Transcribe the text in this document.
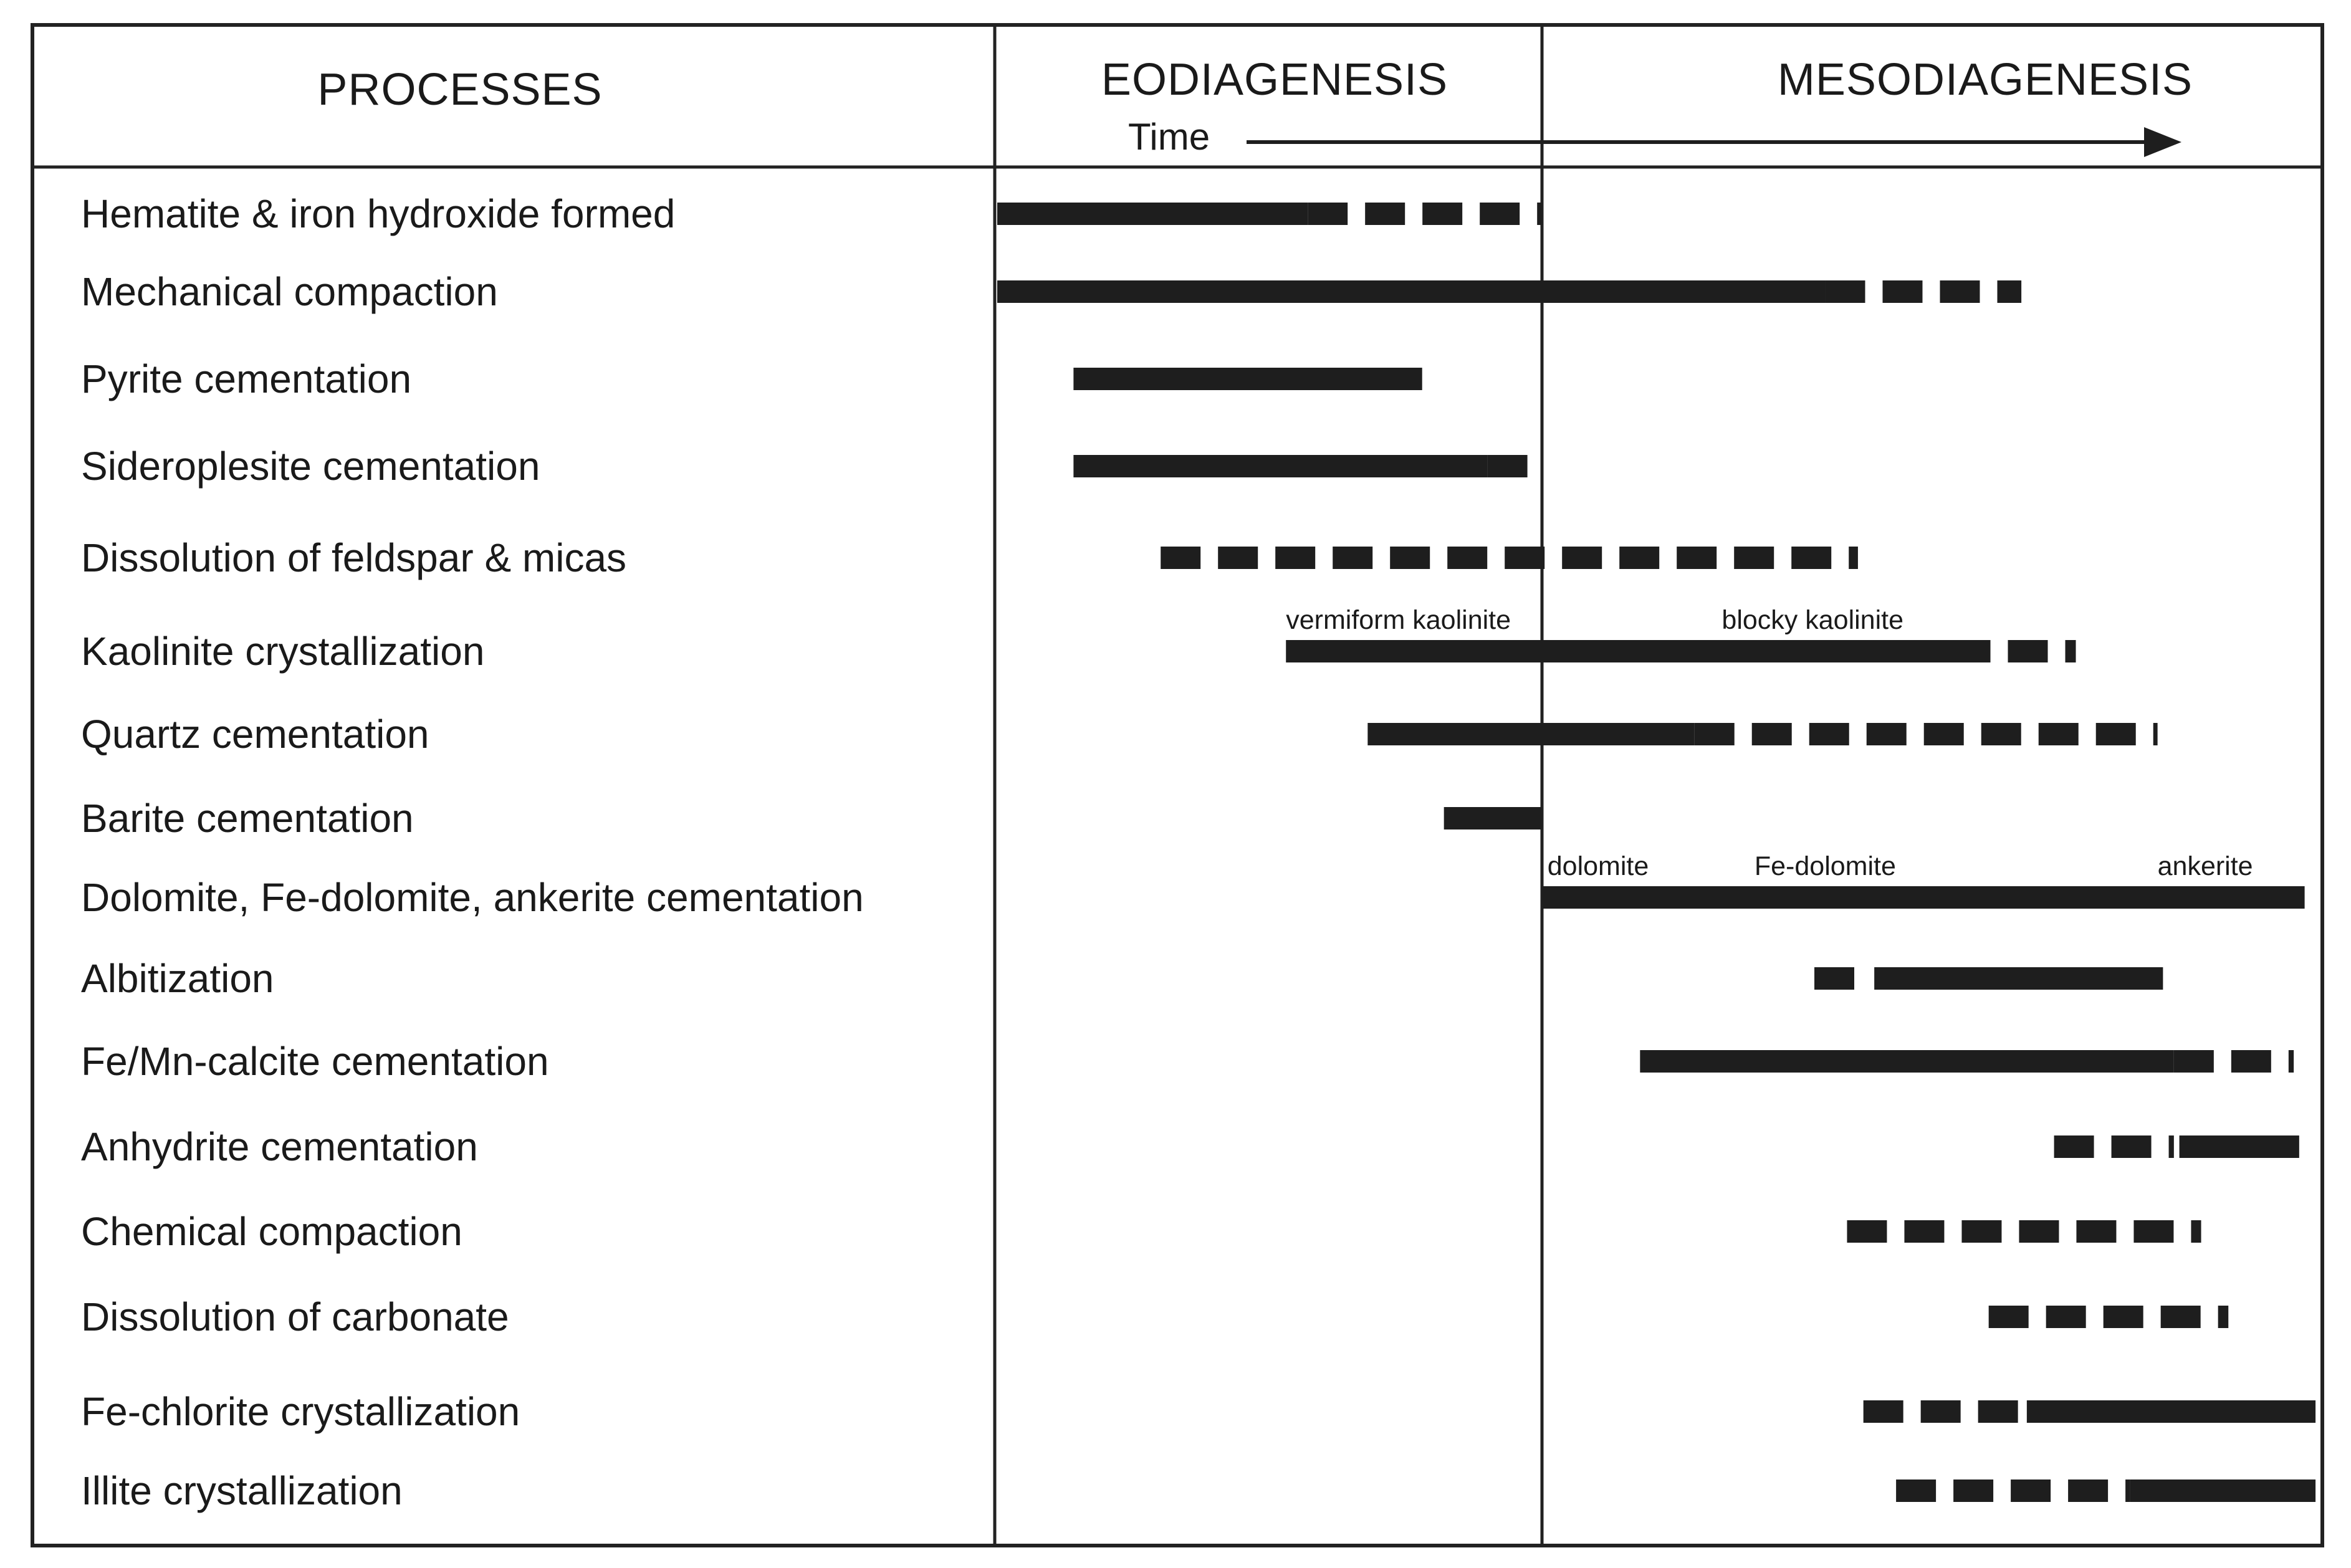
PROCESSES	EODIAGENESIS	MESODIAGENESIS
Time
Hematite & iron hydroxide formed
Mechanical compaction
Pyrite cementation
Sideroplesite cementation
Dissolution of feldspar & micas
Kaolinite crystallization
vermiform kaolinite	blocky kaolinite
Quartz cementation
Barite cementation
Dolomite, Fe-dolomite, ankerite cementation
dolomite	Fe-dolomite	ankerite
Albitization
Fe/Mn-calcite cementation
Anhydrite cementation
Chemical compaction
Dissolution of carbonate
Fe-chlorite crystallization
Illite crystallization
